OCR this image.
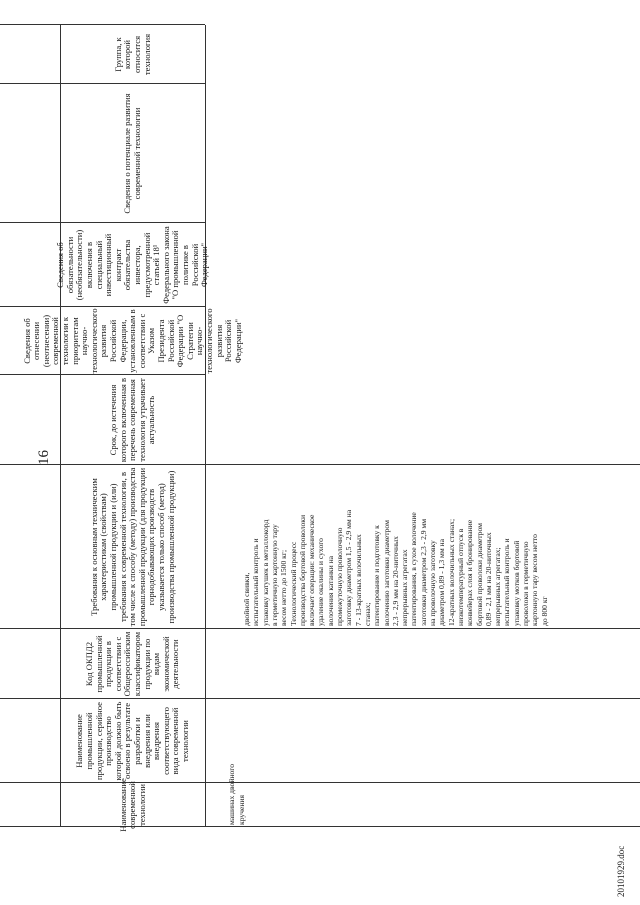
16
Наименование современной технологии
Наименование промышленной продукции, серийное производство которой должно быть освоено в результате разработки и внедрения или внедрения соответствующего вида современной технологии
Код ОКПД2 промышленной продукции в соответствии с Общероссийским классификатором продукции по видам экономической деятельности
Требования к основным техническим характеристикам (свойствам) промышленной продукции и (или) требования к современной технологии, в том числе к способу (методу) производства промышленной продукции (для продукции горнодобывающих производств указывается только способ (метод) производства промышленной продукции)
Срок, до истечения которого включенная в перечень современная технология утрачивает актуальность
Сведения об отнесении (неотнесении) современной технологии к приоритетам научно-технологического развития Российской Федерации, установленным в соответствии с Указом Президента Российской Федерации "О Стратегии научно-технологического развития Российской Федерации"
Сведения об обязательности (необязательности) включения в специальный инвестиционный контракт обязательства инвестора, предусмотренной статьей 18¹ Федерального закона "О промышленной политике в Российской Федерации"
Сведения о потенциале развития современной технологии
Группа, к которой относится технология
машинах двойного кручения
двойной свивки, испытательный контроль и упаковку катушек в металлокорд в герметичную картонную тару весом нетто до 1500 кг; Технологический процесс производства бортовой проволоки включает операции: механическое удаление окалины и сухого волочения катанки на промежуточную проволочную заготовку диаметром 1,5 - 2,9 мм на 7 - 13-кратных волочильных станах; патентирование и подготовку к волочению заготовки диаметром 2,3 - 2,9 мм на 20-ниточных непрерывных агрегатах патентирования, в сухое волочение заготовки диаметром 2,3 - 2,9 мм на проволочную заготовку диаметром 0,89 - 1,3 мм на 12-кратных волочильных станах; низкотемпературный отпуск в конвейерах слоя и бронирование бортовой проволоки диаметром 0,89 - 2,1 мм на 20-ниточных непрерывных агрегатах; испытательный контроль и упаковку мотков бортовой проволоки в герметичную картонную тару весом нетто до 800 кг
20101929.doc
